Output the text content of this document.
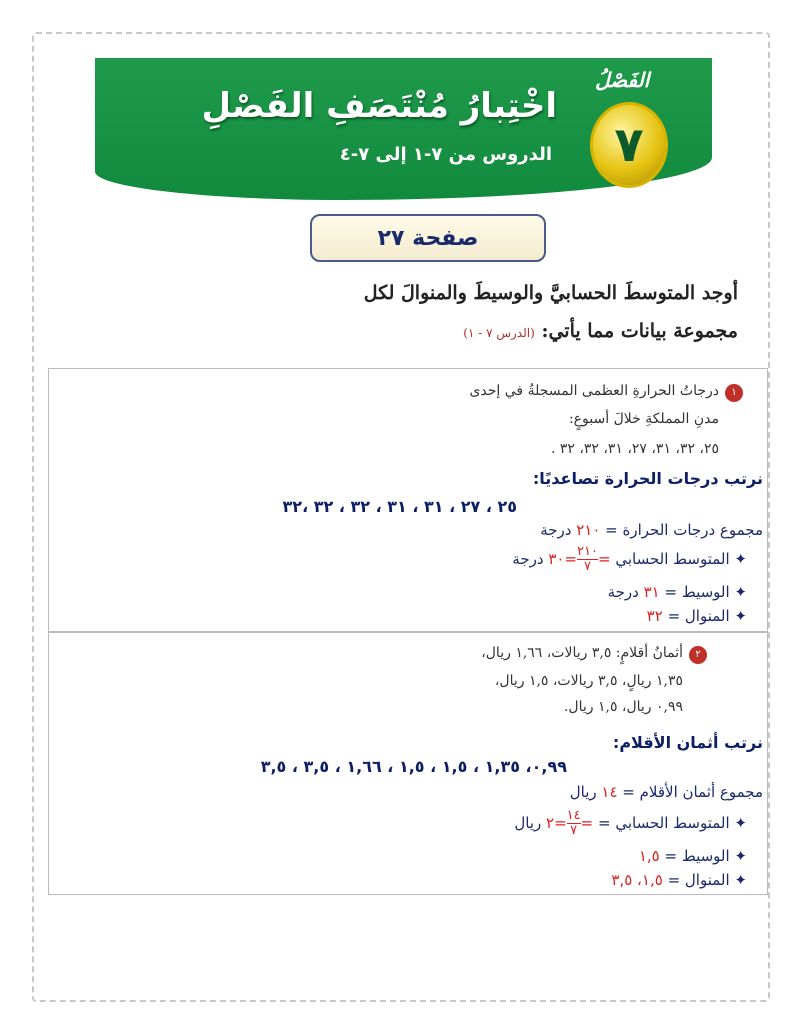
اخْتِبارُ مُنْتَصَفِ الفَصْلِ
الدروس من ٧-١ إلى ٧-٤
الفَصْلُ
٧
صفحة ٢٧
أوجد المتوسطَ الحسابيَّ والوسيطَ والمنوالَ لكل
مجموعة بيانات مما يأتي: (الدرس ٧ - ١)
١درجاتُ الحرارةِ العظمى المسجلةُ في إحدى
مدنِ المملكةِ خلالَ أسبوعٍ:
٢٥، ٣٢، ٣١، ٢٧، ٣١، ٣٢، ٣٢ .
نرتب درجات الحرارة تصاعديًا:
٢٥ ، ٢٧ ، ٣١ ، ٣١ ، ٣٢ ، ٣٢ ،٣٢
مجموع درجات الحرارة = ٢١٠ درجة
✦ المتوسط الحسابي =
$\frac{٢١٠}{٧}$
=٣٠ درجة
✦ الوسيط = ٣١ درجة
✦ المنوال = ٣٢
٢أثمانُ أقلامٍ: ٣,٥ ريالات، ١,٦٦ ريال،
١,٣٥ ريالٍ، ٣,٥ ريالات، ١,٥ ريال،
٠,٩٩ ريال، ١,٥ ريال.
نرتب أثمان الأقلام:
٠,٩٩، ١,٣٥ ، ١,٥ ، ١,٥ ، ١,٦٦ ، ٣,٥ ، ٣,٥
مجموع أثمان الأقلام = ١٤ ريال
✦ المتوسط الحسابي = =
$\frac{١٤}{٧}$
=٢ ريال
✦ الوسيط = ١,٥
✦ المنوال = ١,٥، ٣,٥
